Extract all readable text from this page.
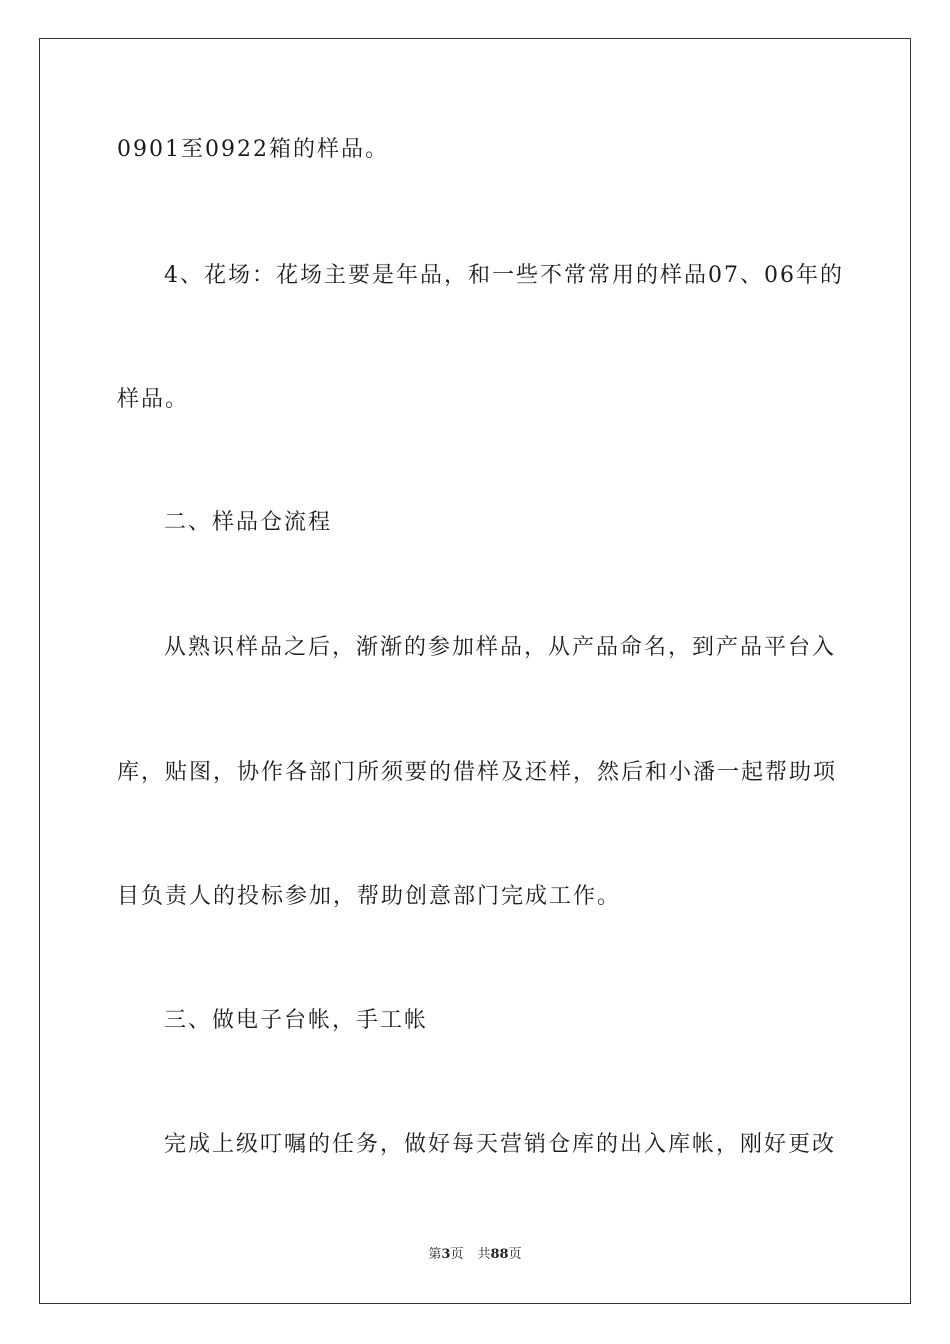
0901至0922箱的样品。
4、花场：花场主要是年品，和一些不常常用的样品07、06年的
样品。
二、样品仓流程
从熟识样品之后，渐渐的参加样品，从产品命名，到产品平台入
库，贴图，协作各部门所须要的借样及还样，然后和小潘一起帮助项
目负责人的投标参加，帮助创意部门完成工作。
三、做电子台帐，手工帐
完成上级叮嘱的任务，做好每天营销仓库的出入库帐，刚好更改
第3页 共88页
